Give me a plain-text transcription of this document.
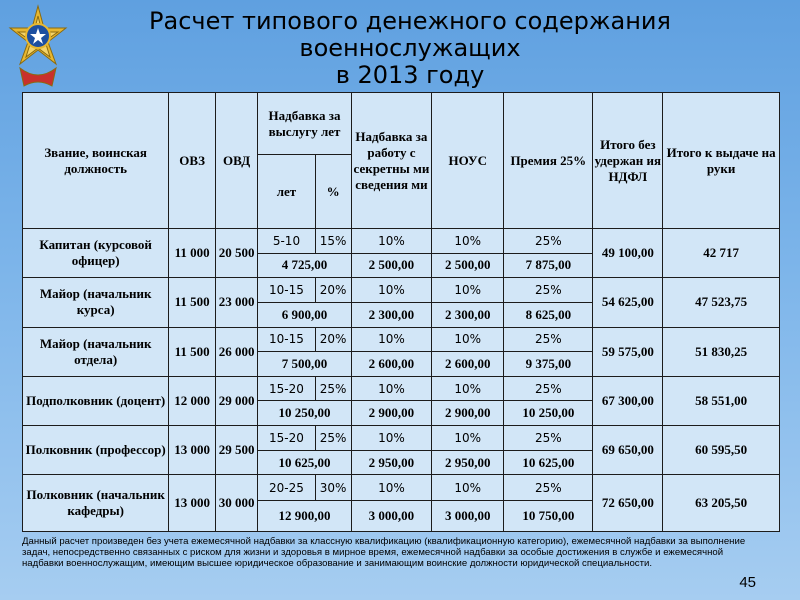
Расчет типового денежного содержания военнослужащих
в 2013 году
Звание, воинская должность	ОВЗ	ОВД	Надбавка за выслугу лет		Надбавка за работу с секретны ми сведения ми	НОУС	Премия 25%	Итого без удержан ия НДФЛ	Итого к выдаче на руки
			лет	%					
Капитан (курсовой офицер)	11 000	20 500	5-10	15%	10%	10%	25%	49 100,00	42 717
			4 725,00		2 500,00	2 500,00	7 875,00		
Майор (начальник курса)	11 500	23 000	10-15	20%	10%	10%	25%	54 625,00	47 523,75
			6 900,00		2 300,00	2 300,00	8 625,00		
Майор (начальник отдела)	11 500	26 000	10-15	20%	10%	10%	25%	59 575,00	51 830,25
			7 500,00		2 600,00	2 600,00	9 375,00		
Подполковник (доцент)	12 000	29 000	15-20	25%	10%	10%	25%	67 300,00	58 551,00
			10 250,00		2 900,00	2 900,00	10 250,00		
Полковник (профессор)	13 000	29 500	15-20	25%	10%	10%	25%	69 650,00	60 595,50
			10 625,00		2 950,00	2 950,00	10 625,00		
Полковник (начальник кафедры)	13 000	30 000	20-25	30%	10%	10%	25%	72 650,00	63 205,50
			12 900,00		3 000,00	3 000,00	10 750,00		
Данный расчет произведен без учета ежемесячной надбавки за классную квалификацию (квалификационную категорию), ежемесячной надбавки за выполнение задач, непосредственно связанных с риском для жизни и здоровья в мирное время, ежемесячной надбавки за особые достижения в службе и ежемесячной надбавки военнослужащим, имеющим высшее юридическое образование и занимающим воинские должности юридической специальности.
45
